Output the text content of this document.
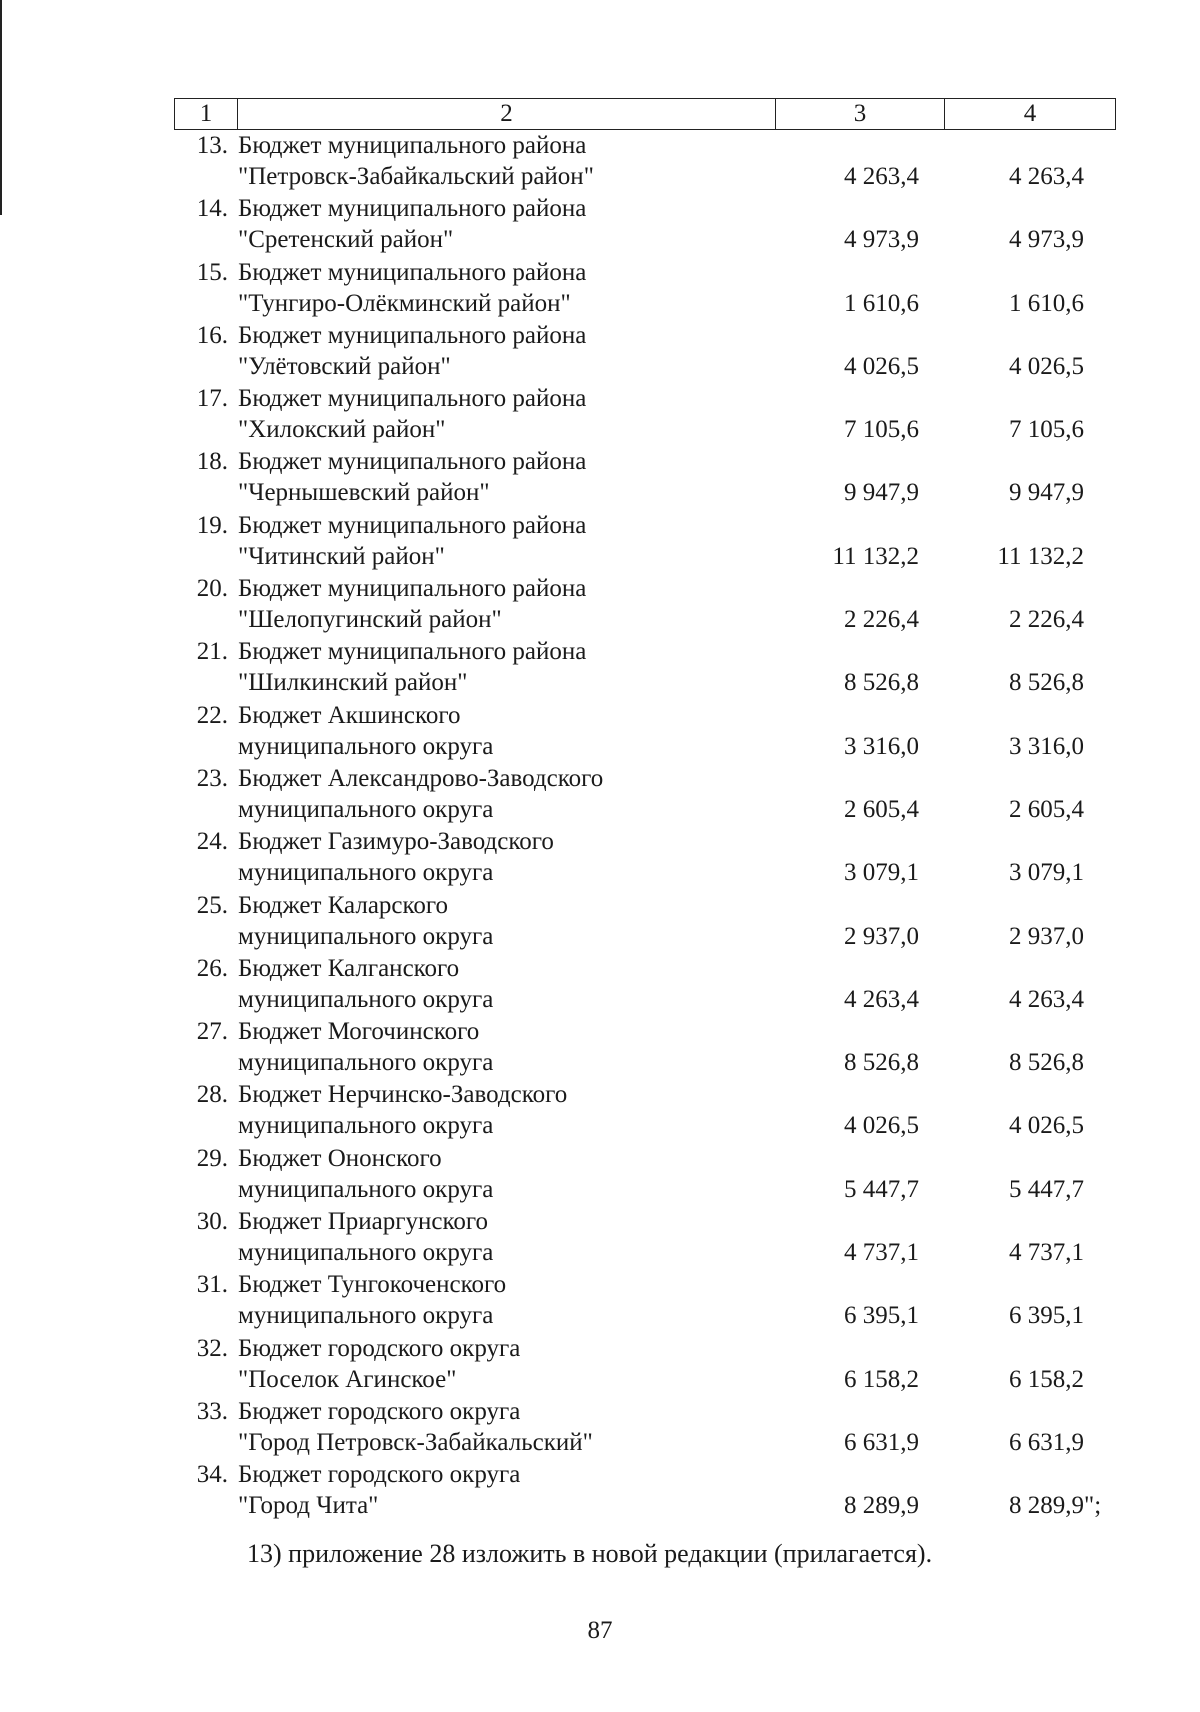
1	2	3	4
13. Бюджет муниципального района
"Петровск-Забайкальский район"	4 263,4	4 263,4
14. Бюджет муниципального района
"Сретенский район"	4 973,9	4 973,9
15. Бюджет муниципального района
"Тунгиро-Олёкминский район"	1 610,6	1 610,6
16. Бюджет муниципального района
"Улётовский район"	4 026,5	4 026,5
17. Бюджет муниципального района
"Хилокский район"	7 105,6	7 105,6
18. Бюджет муниципального района
"Чернышевский район"	9 947,9	9 947,9
19. Бюджет муниципального района
"Читинский район"	11 132,2	11 132,2
20. Бюджет муниципального района
"Шелопугинский район"	2 226,4	2 226,4
21. Бюджет муниципального района
"Шилкинский район"	8 526,8	8 526,8
22. Бюджет Акшинского
муниципального округа	3 316,0	3 316,0
23. Бюджет Александрово-Заводского
муниципального округа	2 605,4	2 605,4
24. Бюджет Газимуро-Заводского
муниципального округа	3 079,1	3 079,1
25. Бюджет Каларского
муниципального округа	2 937,0	2 937,0
26. Бюджет Калганского
муниципального округа	4 263,4	4 263,4
27. Бюджет Могочинского
муниципального округа	8 526,8	8 526,8
28. Бюджет Нерчинско-Заводского
муниципального округа	4 026,5	4 026,5
29. Бюджет Ононского
муниципального округа	5 447,7	5 447,7
30. Бюджет Приаргунского
муниципального округа	4 737,1	4 737,1
31. Бюджет Тунгокоченского
муниципального округа	6 395,1	6 395,1
32. Бюджет городского округа
"Поселок Агинское"	6 158,2	6 158,2
33. Бюджет городского округа
"Город Петровск-Забайкальский"	6 631,9	6 631,9
34. Бюджет городского округа
"Город Чита"	8 289,9	8 289,9 ";
13) приложение 28 изложить в новой редакции (прилагается).
87
